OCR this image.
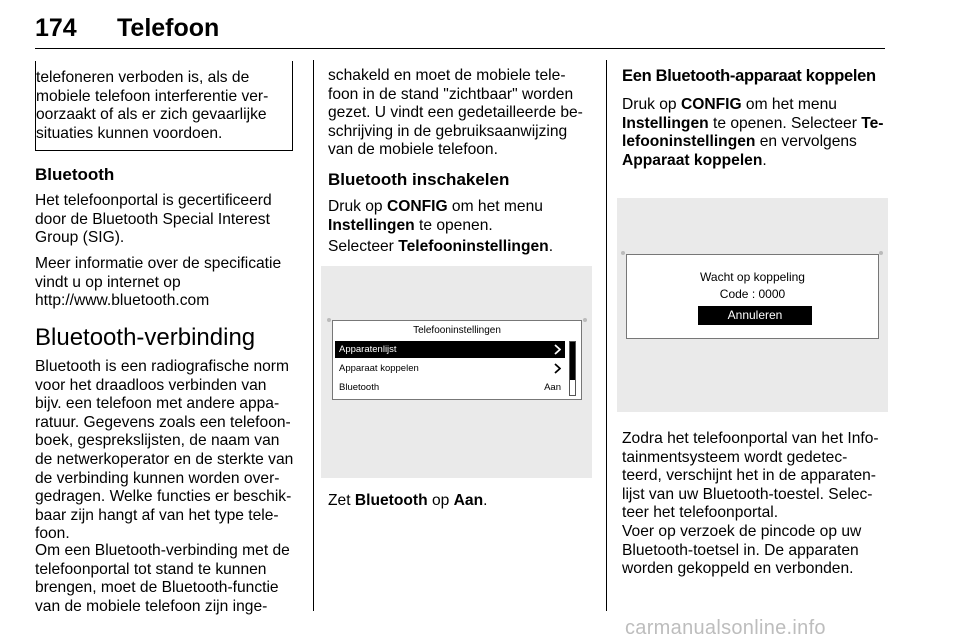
174 Telefoon
telefoneren verboden is, als de
mobiele telefoon interferentie ver-
oorzaakt of als er zich gevaarlijke
situaties kunnen voordoen.
Bluetooth
Het telefoonportal is gecertificeerd
door de Bluetooth Special Interest
Group (SIG).
Meer informatie over de specificatie
vindt u op internet op
http://www.bluetooth.com
Bluetooth-verbinding
Bluetooth is een radiografische norm
voor het draadloos verbinden van
bijv. een telefoon met andere appa-
ratuur. Gegevens zoals een telefoon-
boek, gesprekslijsten, de naam van
de netwerkoperator en de sterkte van
de verbinding kunnen worden over-
gedragen. Welke functies er beschik-
baar zijn hangt af van het type tele-
foon.
Om een Bluetooth-verbinding met de
telefoonportal tot stand te kunnen
brengen, moet de Bluetooth-functie
van de mobiele telefoon zijn inge-
schakeld en moet de mobiele tele-
foon in de stand "zichtbaar" worden
gezet. U vindt een gedetailleerde be-
schrijving in de gebruiksaanwijzing
van de mobiele telefoon.
Bluetooth inschakelen
Druk op CONFIG om het menu
Instellingen te openen.
Selecteer Telefooninstellingen.
Telefooninstellingen
Apparatenlijst
Apparaat koppelen
Bluetooth	Aan
Zet Bluetooth op Aan.
Een Bluetooth-apparaat koppelen
Druk op CONFIG om het menu
Instellingen te openen. Selecteer Te-
lefooninstellingen en vervolgens
Apparaat koppelen.
Wacht op koppeling
Code : 0000
Annuleren
Zodra het telefoonportal van het Info-
tainmentsysteem wordt gedetec-
teerd, verschijnt het in de apparaten-
lijst van uw Bluetooth-toestel. Selec-
teer het telefoonportal.
Voer op verzoek de pincode op uw
Bluetooth-toetsel in. De apparaten
worden gekoppeld en verbonden.
carmanualsonline.info
